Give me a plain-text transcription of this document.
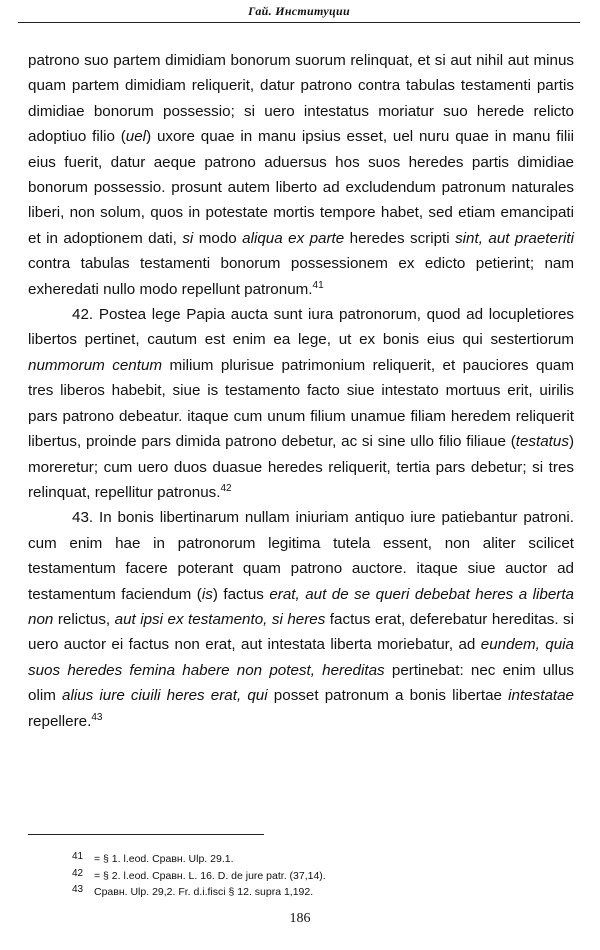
Гай. Институции

patrono suo partem dimidiam bonorum suorum relinquat, et si aut nihil aut minus quam partem dimidiam reliquerit, datur patrono contra tabulas testamenti partis dimidiae bonorum possessio; si uero intestatus moriatur suo herede relicto adoptiuo filio (uel) uxore quae in manu ipsius esset, uel nuru quae in manu filii eius fuerit, datur aeque patrono aduersus hos suos heredes partis dimidiae bonorum possessio. prosunt autem liberto ad excludendum patronum naturales liberi, non solum, quos in potestate mortis tempore habet, sed etiam emancipati et in adoptionem dati, si modo aliqua ex parte heredes scripti sint, aut praeteriti contra tabulas testamenti bonorum possessionem ex edicto petierint; nam exheredati nullo modo repellunt patronum.$^{41}$

42. Postea lege Papia aucta sunt iura patronorum, quod ad locupletiores libertos pertinet, cautum est enim ea lege, ut ex bonis eius qui sestertiorum nummorum centum milium plurisue patrimonium reliquerit, et pauciores quam tres liberos habebit, siue is testamento facto siue intestato mortuus erit, uirilis pars patrono debeatur. itaque cum unum filium unamue filiam heredem reliquerit libertus, proinde pars dimida patrono debetur, ac si sine ullo filio filiaue (testatus) moreretur; cum uero duos duasue heredes reliquerit, tertia pars debetur; si tres relinquat, repellitur patronus.$^{42}$

43. In bonis libertinarum nullam iniuriam antiquo iure patiebantur patroni. cum enim hae in patronorum legitima tutela essent, non aliter scilicet testamentum facere poterant quam patrono auctore. itaque siue auctor ad testamentum faciendum (is) factus erat, aut de se queri debebat heres a liberta non relictus, aut ipsi ex testamento, si heres factus erat, deferebatur hereditas. si uero auctor ei factus non erat, aut intestata liberta moriebatur, ad eundem, quia suos heredes femina habere non potest, hereditas pertinebat: nec enim ullus olim alius iure ciuili heres erat, qui posset patronum a bonis libertae intestatae repellere.$^{43}$

41 = § 1. l.eod. Сравн. Ulp. 29.1.
42 = § 2. l.eod. Сравн. L. 16. D. de jure patr. (37,14).
43 Сравн. Ulp. 29,2. Fr. d.i.fisci § 12. supra 1,192.
186
